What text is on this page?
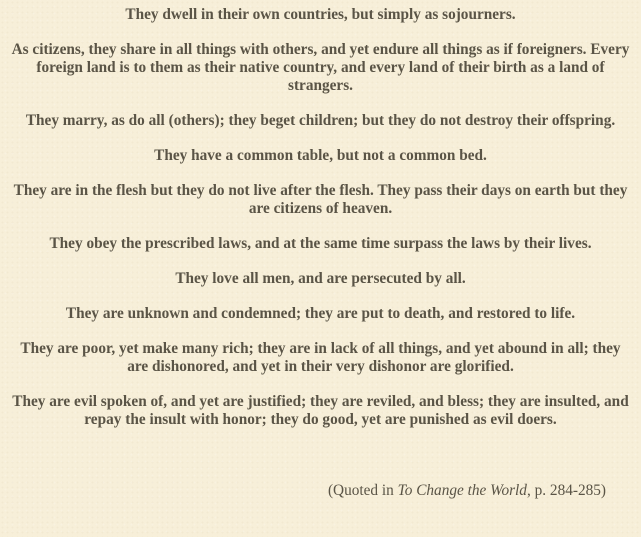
They dwell in their own countries, but simply as sojourners.

As citizens, they share in all things with others, and yet endure all things as if foreigners. Every foreign land is to them as their native country, and every land of their birth as a land of strangers.

They marry, as do all (others); they beget children; but they do not destroy their offspring.

They have a common table, but not a common bed.

They are in the flesh but they do not live after the flesh. They pass their days on earth but they are citizens of heaven.

They obey the prescribed laws, and at the same time surpass the laws by their lives.

They love all men, and are persecuted by all.

They are unknown and condemned; they are put to death, and restored to life.

They are poor, yet make many rich; they are in lack of all things, and yet abound in all; they are dishonored, and yet in their very dishonor are glorified.

They are evil spoken of, and yet are justified; they are reviled, and bless; they are insulted, and repay the insult with honor; they do good, yet are punished as evil doers.

(Quoted in To Change the World, p. 284-285)
